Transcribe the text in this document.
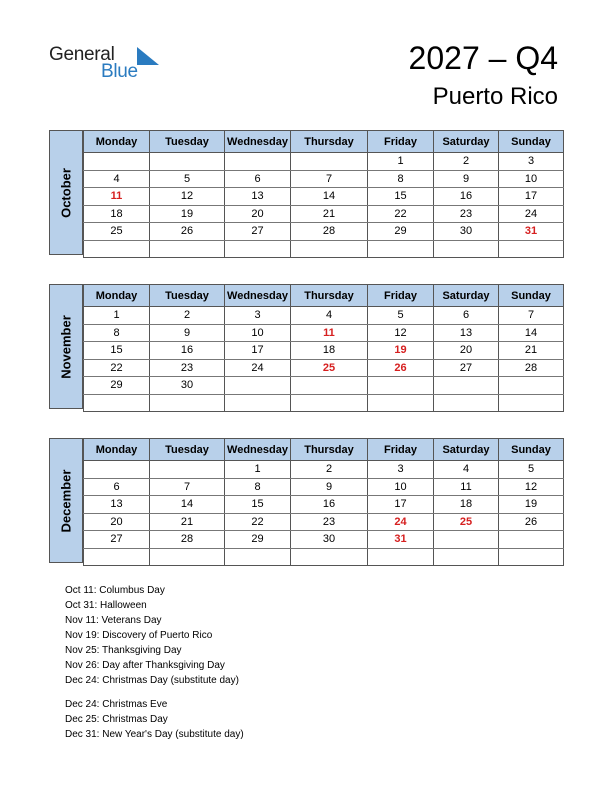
General
Blue	2027 – Q4
Puerto Rico
October
Monday	Tuesday	Wednesday	Thursday	Friday	Saturday	Sunday
				1	2	3
4	5	6	7	8	9	10
11	12	13	14	15	16	17
18	19	20	21	22	23	24
25	26	27	28	29	30	31

November
Monday	Tuesday	Wednesday	Thursday	Friday	Saturday	Sunday
1	2	3	4	5	6	7
8	9	10	11	12	13	14
15	16	17	18	19	20	21
22	23	24	25	26	27	28
29	30					

December
Monday	Tuesday	Wednesday	Thursday	Friday	Saturday	Sunday
		1	2	3	4	5
6	7	8	9	10	11	12
13	14	15	16	17	18	19
20	21	22	23	24	25	26
27	28	29	30	31		

Oct 11: Columbus Day
Oct 31: Halloween
Nov 11: Veterans Day
Nov 19: Discovery of Puerto Rico
Nov 25: Thanksgiving Day
Nov 26: Day after Thanksgiving Day
Dec 24: Christmas Day (substitute day)
Dec 24: Christmas Eve
Dec 25: Christmas Day
Dec 31: New Year's Day (substitute day)
